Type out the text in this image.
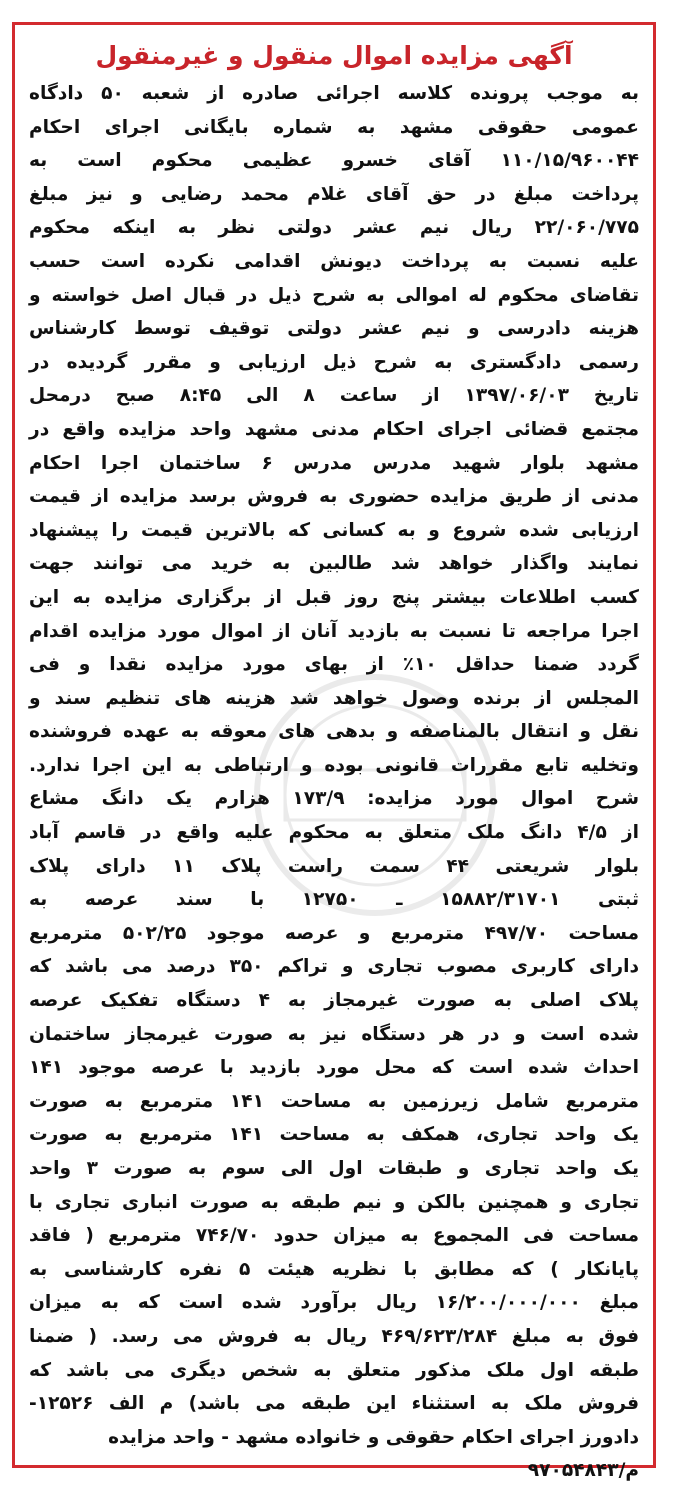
آگهی مزایده اموال منقول و غیرمنقول
به موجب پرونده کلاسه اجرائی صادره از شعبه ۵۰ دادگاه
عمومی حقوقی مشهد به شماره بایگانی اجرای احکام
۱۱۰/۱۵/۹۶۰۰۴۴ آقای خسرو عظیمی محکوم است به
پرداخت مبلغ در حق آقای غلام محمد رضایی و نیز مبلغ
۲۲/۰۶۰/۷۷۵ ریال نیم عشر دولتی نظر به اینکه محکوم
علیه نسبت به پرداخت دیونش اقدامی نکرده است حسب
تقاضای محکوم له اموالی به شرح ذیل در قبال اصل خواسته و
هزینه دادرسی و نیم عشر دولتی توقیف توسط کارشناس
رسمی دادگستری به شرح ذیل ارزیابی و مقرر گردیده در
تاریخ ۱۳۹۷/۰۶/۰۳ از ساعت ۸ الی ۸:۴۵ صبح درمحل
مجتمع قضائی اجرای احکام مدنی مشهد واحد مزایده واقع در
مشهد بلوار شهید مدرس مدرس ۶ ساختمان اجرا احکام
مدنی از طریق مزایده حضوری به فروش برسد مزایده از قیمت
ارزیابی شده شروع و به کسانی که بالاترین قیمت را پیشنهاد
نمایند واگذار خواهد شد طالبین به خرید می توانند جهت
کسب اطلاعات بیشتر پنج روز قبل از برگزاری مزایده به این
اجرا مراجعه تا نسبت به بازدید آنان از اموال مورد مزایده اقدام
گردد ضمنا حداقل ۱۰٪ از بهای مورد مزایده نقدا و فی
المجلس از برنده وصول خواهد شد هزینه های تنظیم سند و
نقل و انتقال بالمناصفه و بدهی های معوقه به عهده فروشنده
وتخلیه تابع مقررات قانونی بوده و ارتباطی به این اجرا ندارد.
شرح اموال مورد مزایده: ۱۷۳/۹ هزارم یک دانگ مشاع
از ۴/۵ دانگ ملک متعلق به محکوم علیه واقع در قاسم آباد
بلوار شریعتی ۴۴ سمت راست پلاک ۱۱ دارای پلاک
ثبتی ۱۵۸۸۲/۳۱۷۰۱ ـ ۱۲۷۵۰ با سند عرصه به
مساحت ۴۹۷/۷۰ مترمربع و عرصه موجود ۵۰۲/۲۵ مترمربع
دارای کاربری مصوب تجاری و تراکم ۳۵۰ درصد می باشد که
پلاک اصلی به صورت غیرمجاز به ۴ دستگاه تفکیک عرصه
شده است و در هر دستگاه نیز به صورت غیرمجاز ساختمان
احداث شده است که محل مورد بازدید با عرصه موجود ۱۴۱
مترمربع شامل زیرزمین به مساحت ۱۴۱ مترمربع به صورت
یک واحد تجاری، همکف به مساحت ۱۴۱ مترمربع به صورت
یک واحد تجاری و طبقات اول الی سوم به صورت ۳ واحد
تجاری و همچنین بالکن و نیم طبقه به صورت انباری تجاری با
مساحت فی المجموع به میزان حدود ۷۴۶/۷۰ مترمربع ( فاقد
پایانکار ) که مطابق با نظریه هیئت ۵ نفره کارشناسی به
مبلغ ۱۶/۲۰۰/۰۰۰/۰۰۰ ریال برآورد شده است که به میزان
فوق به مبلغ ۴۶۹/۶۲۳/۲۸۴ ریال به فروش می رسد. ( ضمنا
طبقه اول ملک مذکور متعلق به شخص دیگری می باشد که
فروش ملک به استثناء این طبقه می باشد) م الف ۱۲۵۲۶-
دادورز اجرای احکام حقوقی و خانواده مشهد - واحد مزایده
م/۹۷۰۵۴۸۴۳
